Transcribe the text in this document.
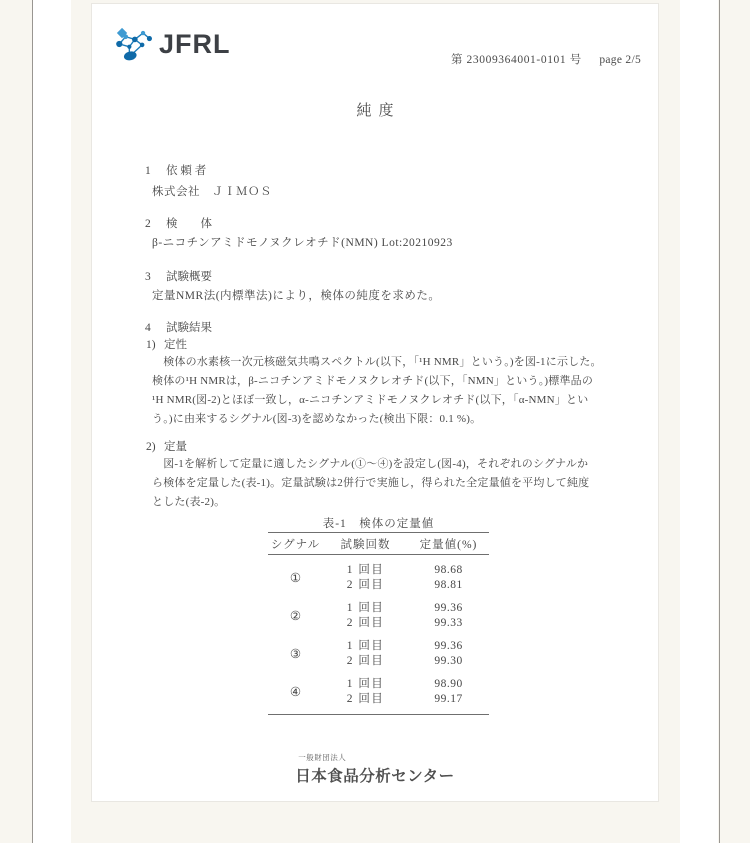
JFRL
第 23009364001-0101 号 page 2/5
純度
1 依 頼 者
株式会社　ＪＩＭＯＳ
2 検　　体
β-ニコチンアミドモノヌクレオチド(NMN) Lot:20210923
3 試験概要
定量NMR法(内標準法)により，検体の純度を求めた。
4 試験結果
1) 定性
　検体の水素核一次元核磁気共鳴スペクトル(以下，「¹H NMR」という。)を図-1に示した。
検体の¹H NMRは，β-ニコチンアミドモノヌクレオチド(以下，「NMN」という。)標準品の
¹H NMR(図-2)とほぼ一致し，α-ニコチンアミドモノヌクレオチド(以下，「α-NMN」とい
う。)に由来するシグナル(図-3)を認めなかった(検出下限：0.1 %)。
2) 定量
　図-1を解析して定量に適したシグナル(①～④)を設定し(図-4)，それぞれのシグナルか
ら検体を定量した(表-1)。定量試験は2併行で実施し，得られた全定量値を平均して純度
とした(表-2)。
表-1　検体の定量値
シグナル	試験回数	定量値(%)
①
1 回目	98.68
2 回目	98.81
②
1 回目	99.36
2 回目	99.33
③
1 回目	99.36
2 回目	99.30
④
1 回目	98.90
2 回目	99.17
一般財団法人
日本食品分析センター
